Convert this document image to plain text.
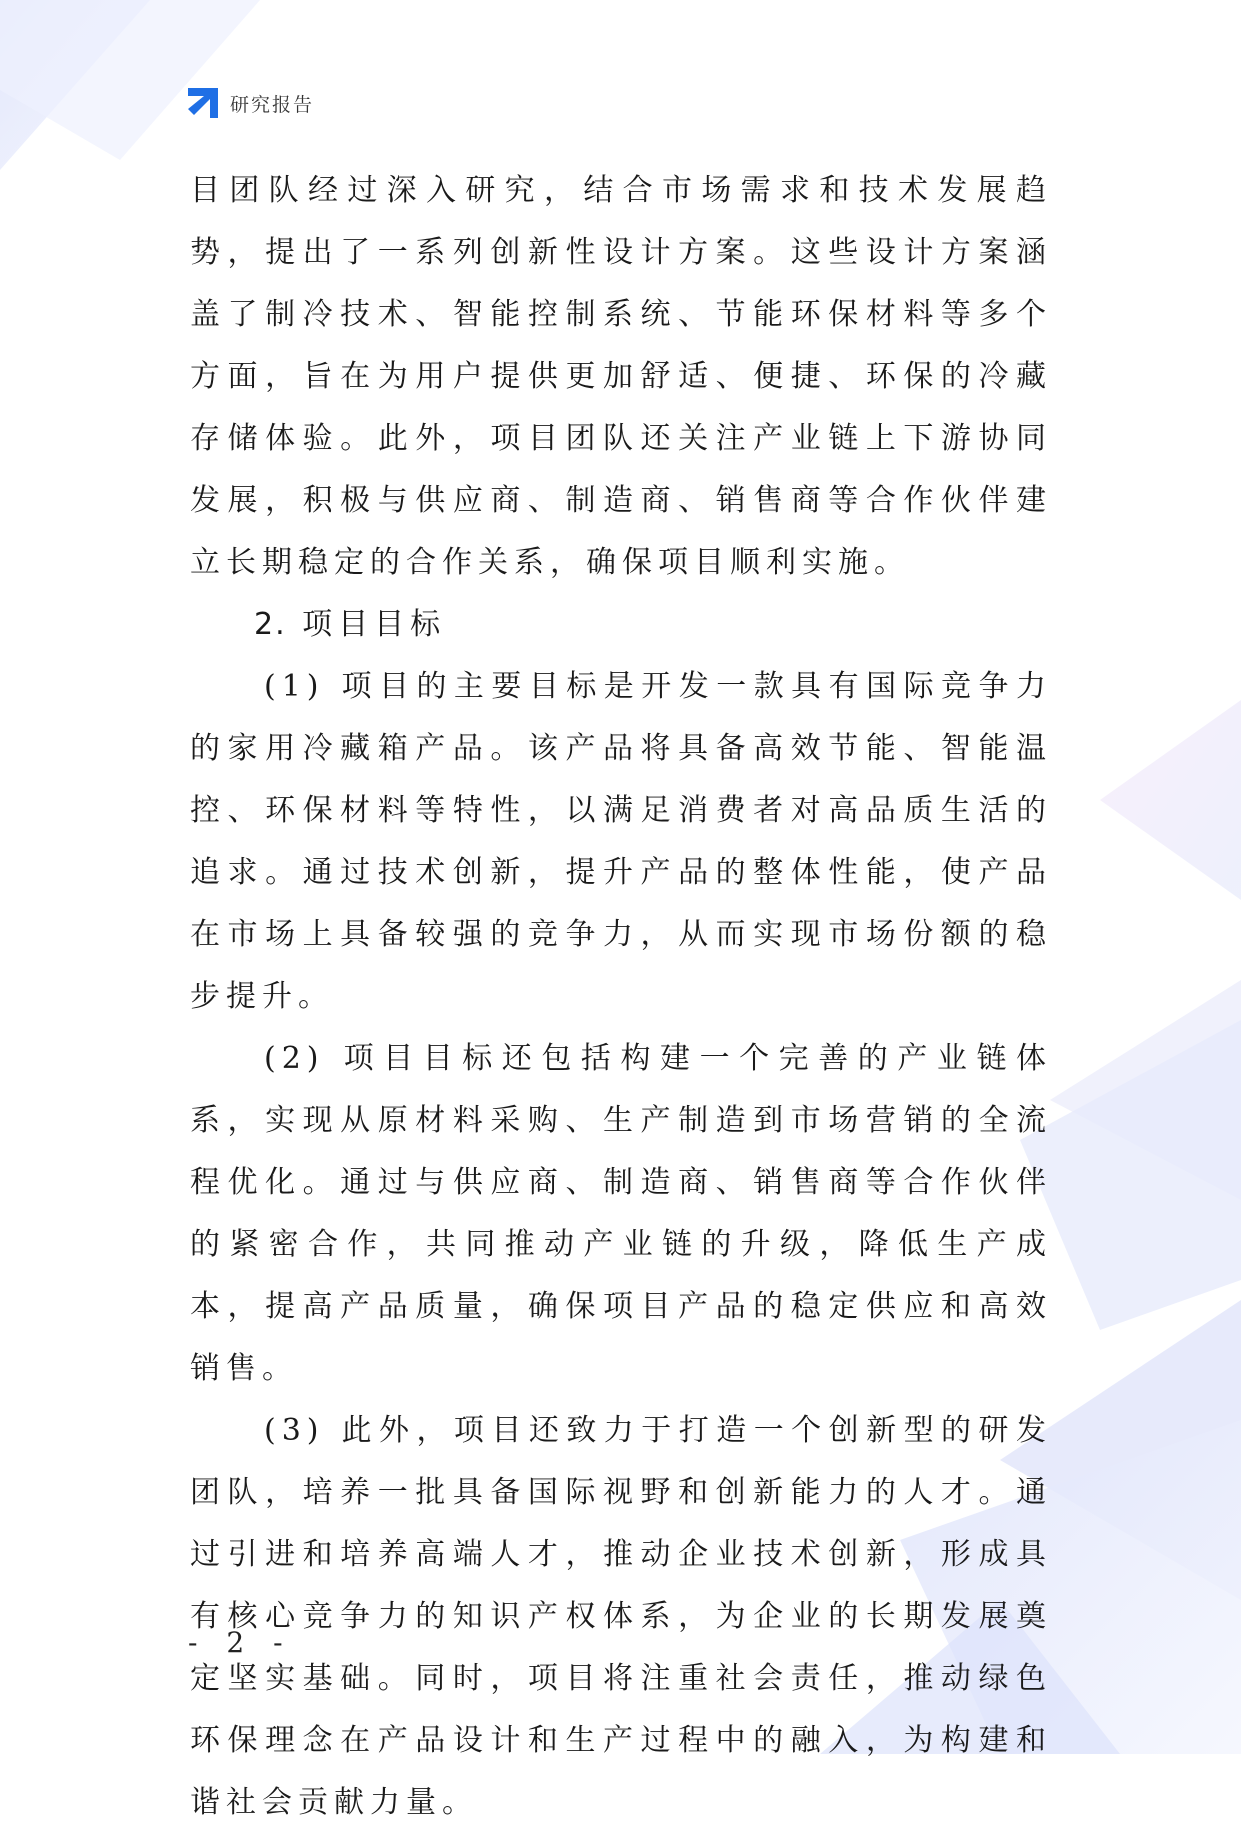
研究报告

目团队经过深入研究，结合市场需求和技术发展趋势，提出了一系列创新性设计方案。这些设计方案涵盖了制冷技术、智能控制系统、节能环保材料等多个方面，旨在为用户提供更加舒适、便捷、环保的冷藏存储体验。此外，项目团队还关注产业链上下游协同发展，积极与供应商、制造商、销售商等合作伙伴建立长期稳定的合作关系，确保项目顺利实施。

2. 项目目标

(1) 项目的主要目标是开发一款具有国际竞争力的家用冷藏箱产品。该产品将具备高效节能、智能温控、环保材料等特性，以满足消费者对高品质生活的追求。通过技术创新，提升产品的整体性能，使产品在市场上具备较强的竞争力，从而实现市场份额的稳步提升。

(2) 项目目标还包括构建一个完善的产业链体系，实现从原材料采购、生产制造到市场营销的全流程优化。通过与供应商、制造商、销售商等合作伙伴的紧密合作，共同推动产业链的升级，降低生产成本，提高产品质量，确保项目产品的稳定供应和高效销售。

(3) 此外，项目还致力于打造一个创新型的研发团队，培养一批具备国际视野和创新能力的人才。通过引进和培养高端人才，推动企业技术创新，形成具有核心竞争力的知识产权体系，为企业的长期发展奠定坚实基础。同时，项目将注重社会责任，推动绿色环保理念在产品设计和生产过程中的融入，为构建和谐社会贡献力量。

- 2 -
